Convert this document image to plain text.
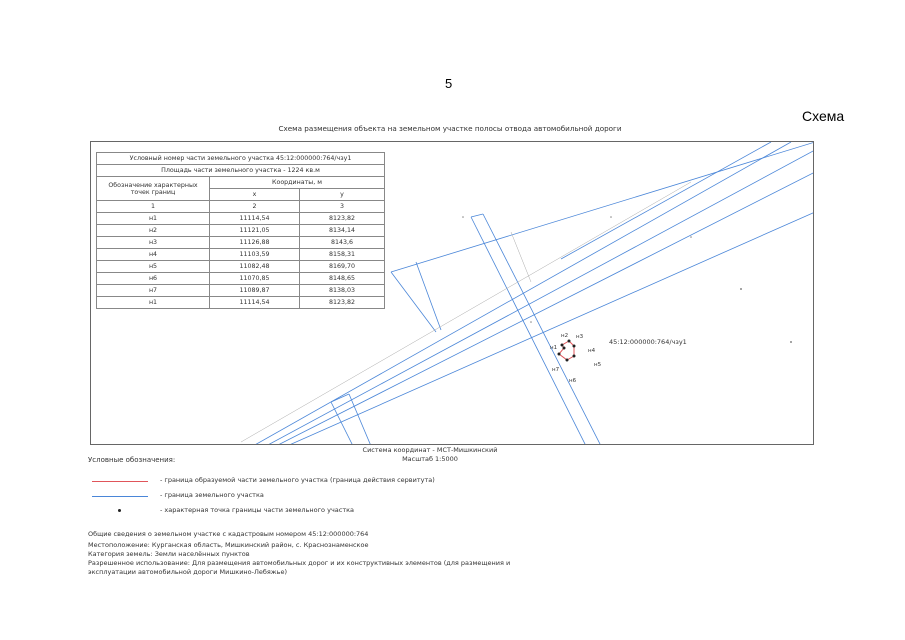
5
Схема
Схема размещения объекта на земельном участке полосы отвода автомобильной дороги
Условный номер части земельного участка 45:12:000000:764/чзу1		
Площадь части земельного участка - 1224 кв.м		
Обозначение характерных точек границ	Координаты, м	
	x	y
1	2	3
н1	11114,54	8123,82
н2	11121,05	8134,14
н3	11126,88	8143,6
н4	11103,59	8158,31
н5	11082,48	8169,70
н6	11070,85	8148,65
н7	11089,87	8138,03
н1	11114,54	8123,82
н1
н2 н3
н4
н5
н6
н7
45:12:000000:764/чзу1
Система координат - МСТ-Мишкинский
Масштаб 1:5000
Условные обозначения:
- граница образуемой части земельного участка (граница действия сервитута)
- граница земельного участка
- характерная точка границы части земельного участка
Общие сведения о земельном участке с кадастровым номером 45:12:000000:764
Местоположение: Курганская область, Мишкинский район, с. Краснознаменское
Категория земель: Земли населённых пунктов
Разрешенное использование: Для размещения автомобильных дорог и их конструктивных элементов (для размещения и
эксплуатации автомобильной дороги Мишкино-Лебяжье)
